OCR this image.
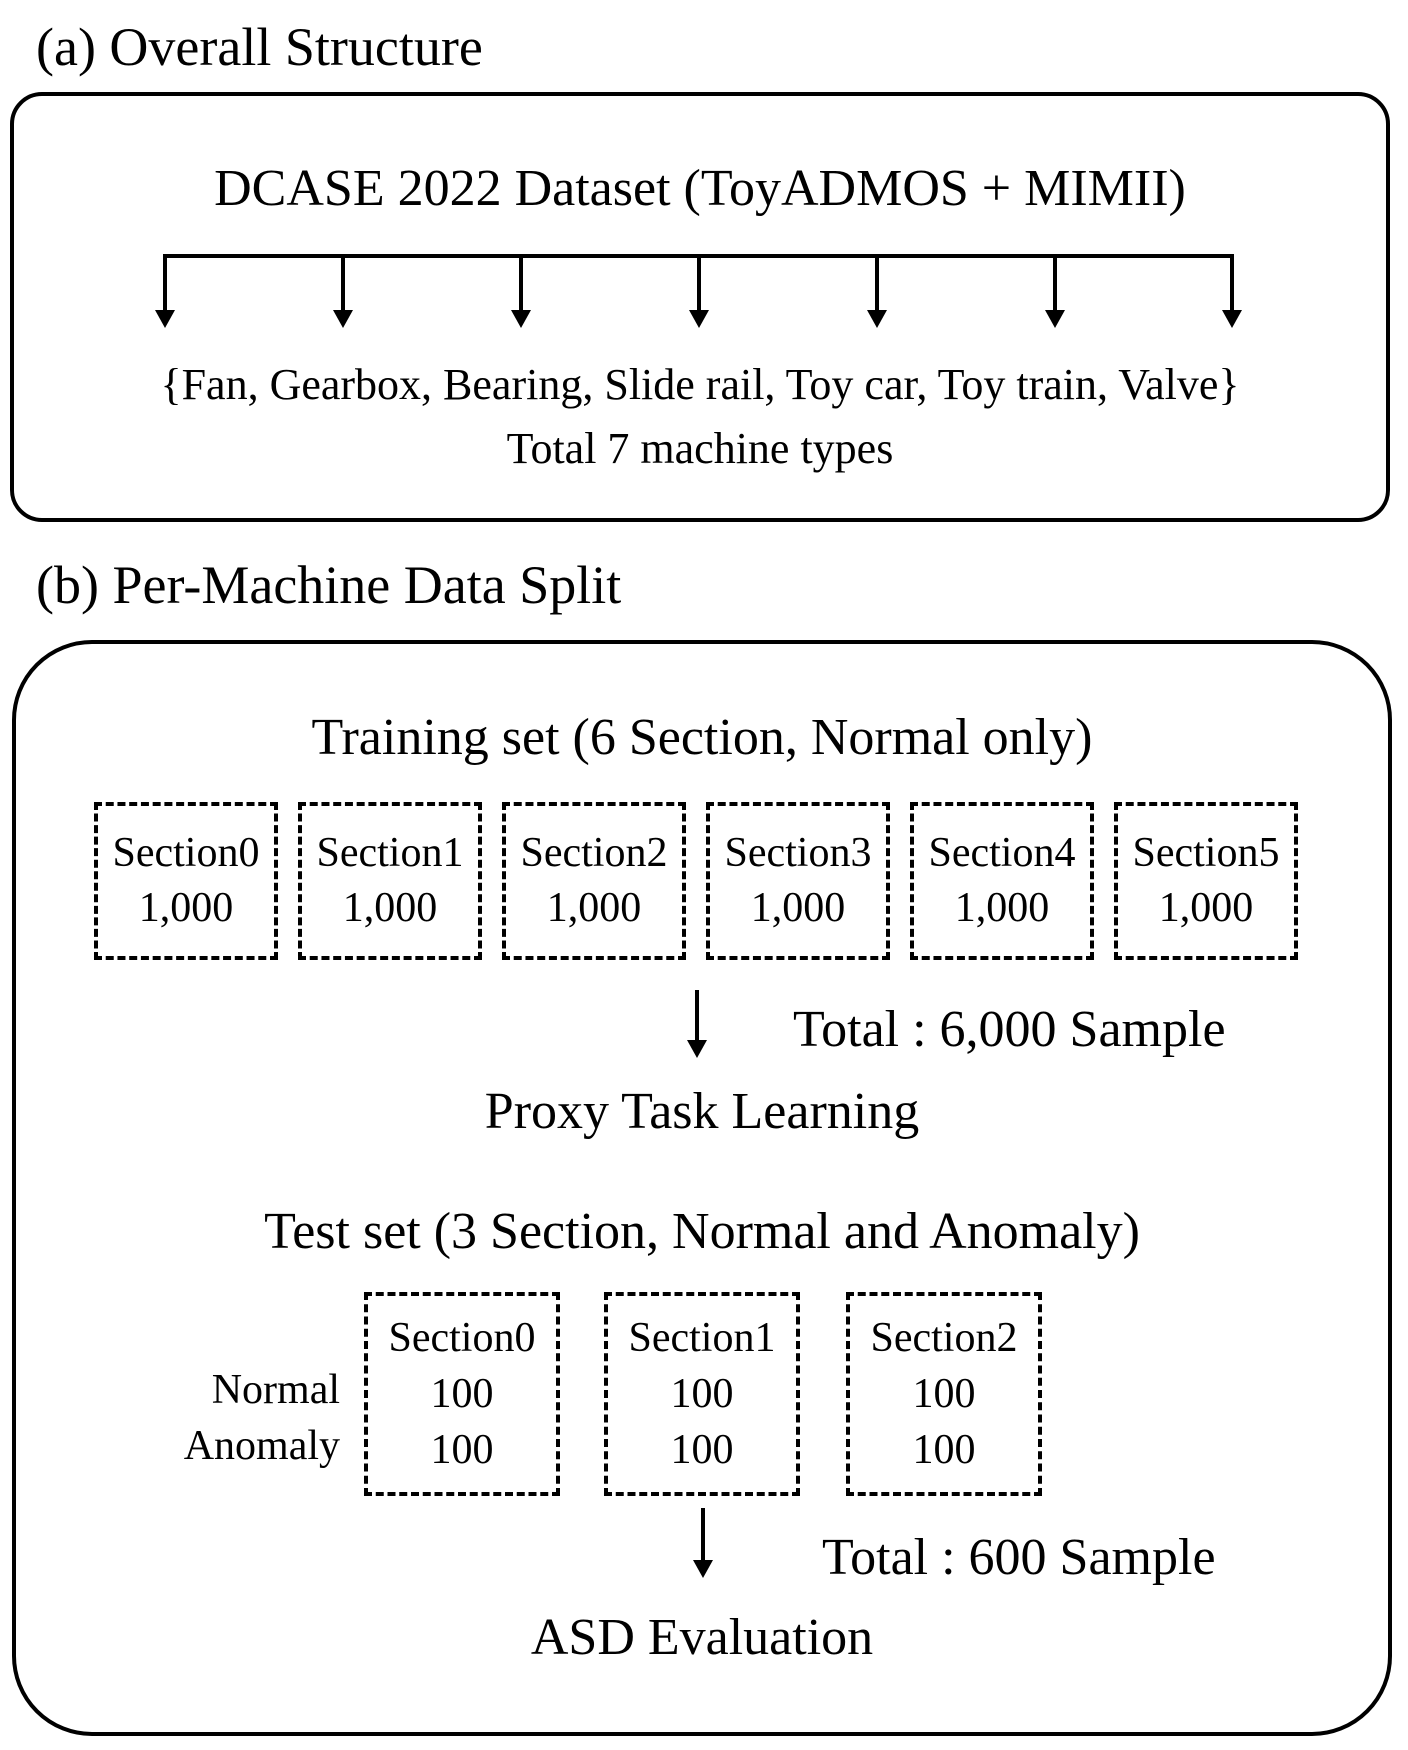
(a) Overall Structure
DCASE 2022 Dataset (ToyADMOS + MIMII)
{Fan, Gearbox, Bearing, Slide rail, Toy car, Toy train, Valve}
Total 7 machine types
(b) Per-Machine Data Split
Training set (6 Section, Normal only)
Section0
1,000
Section1
1,000
Section2
1,000
Section3
1,000
Section4
1,000
Section5
1,000
Total : 6,000 Sample
Proxy Task Learning
Test set (3 Section, Normal and Anomaly)
Normal
Anomaly
Section0
100
100
Section1
100
100
Section2
100
100
Total : 600 Sample
ASD Evaluation
